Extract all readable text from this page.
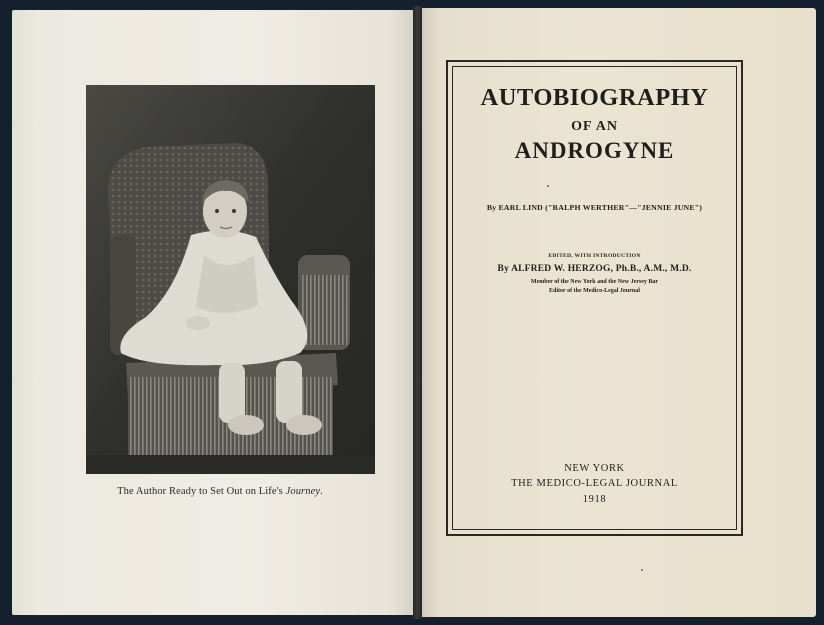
The Author Ready to Set Out on Life's Journey.
AUTOBIOGRAPHY
OF AN
ANDROGYNE
By EARL LIND ("RALPH WERTHER"—"JENNIE JUNE")
EDITED, WITH INTRODUCTION
By ALFRED W. HERZOG, Ph.B., A.M., M.D.
Member of the New York and the New Jersey Bar
Editor of the Medico-Legal Journal
NEW YORK
THE MEDICO-LEGAL JOURNAL
1918
